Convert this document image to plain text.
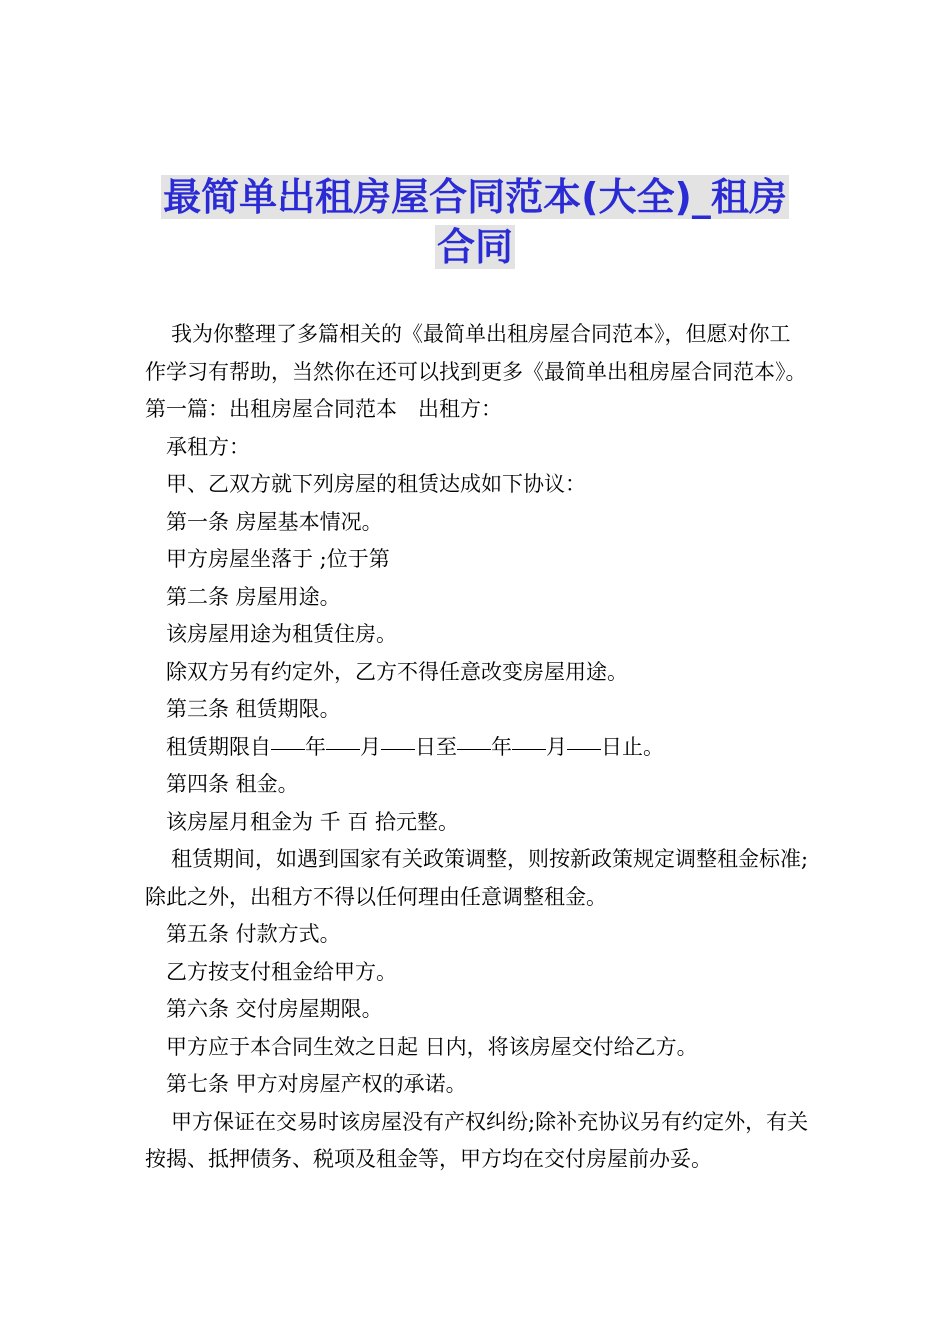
最简单出租房屋合同范本(大全)_租房
合同

我为你整理了多篇相关的《最简单出租房屋合同范本》，但愿对你工作学习有帮助，当然你在还可以找到更多《最简单出租房屋合同范本》。

第一篇：出租房屋合同范本　出租方：

承租方：

甲、乙双方就下列房屋的租赁达成如下协议：

第一条 房屋基本情况。

甲方房屋坐落于 ;位于第

第二条 房屋用途。

该房屋用途为租赁住房。

除双方另有约定外，乙方不得任意改变房屋用途。

第三条 租赁期限。

租赁期限自 年 月 日至 年 月 日止。

第四条 租金。

该房屋月租金为 千 百 拾元整。

租赁期间，如遇到国家有关政策调整，则按新政策规定调整租金标准;除此之外，出租方不得以任何理由任意调整租金。

第五条 付款方式。

乙方按支付租金给甲方。

第六条 交付房屋期限。

甲方应于本合同生效之日起 日内，将该房屋交付给乙方。

第七条 甲方对房屋产权的承诺。

甲方保证在交易时该房屋没有产权纠纷;除补充协议另有约定外，有关按揭、抵押债务、税项及租金等，甲方均在交付房屋前办妥。
